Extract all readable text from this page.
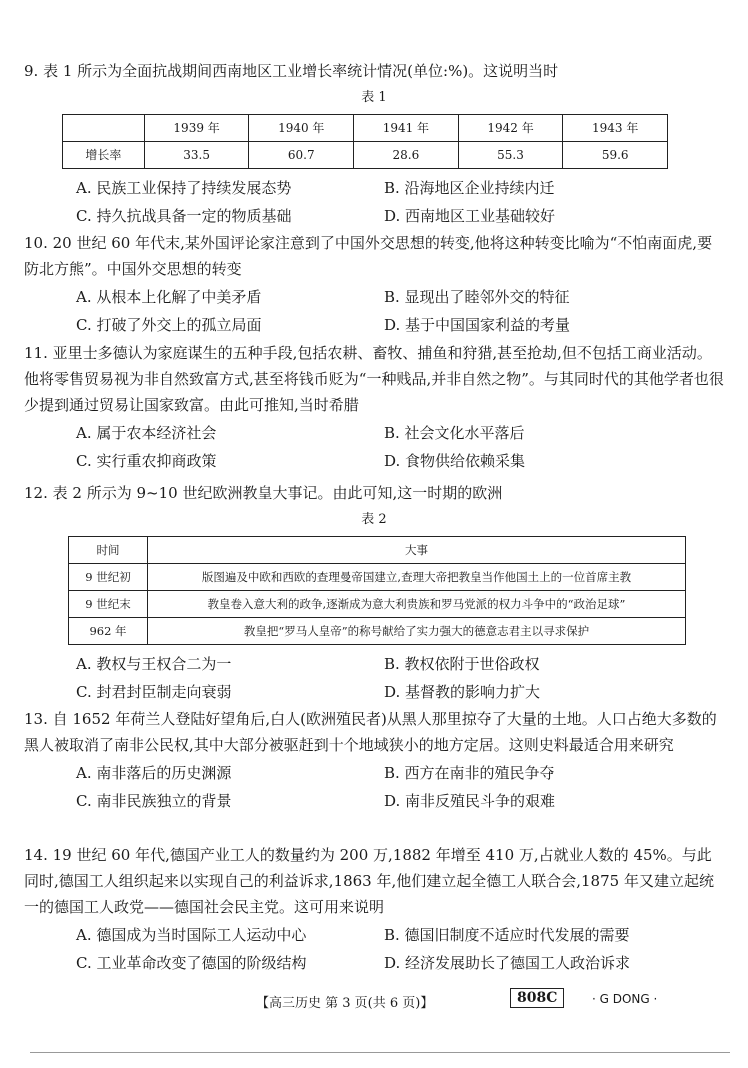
9. 表 1 所示为全面抗战期间西南地区工业增长率统计情况(单位:%)。这说明当时
表 1
	1939 年	1940 年	1941 年	1942 年	1943 年
增长率	33.5	60.7	28.6	55.3	59.6
A. 民族工业保持了持续发展态势	B. 沿海地区企业持续内迁
C. 持久抗战具备一定的物质基础	D. 西南地区工业基础较好
10. 20 世纪 60 年代末,某外国评论家注意到了中国外交思想的转变,他将这种转变比喻为“不怕南面虎,要防北方熊”。中国外交思想的转变
A. 从根本上化解了中美矛盾	B. 显现出了睦邻外交的特征
C. 打破了外交上的孤立局面	D. 基于中国国家利益的考量
11. 亚里士多德认为家庭谋生的五种手段,包括农耕、畜牧、捕鱼和狩猎,甚至抢劫,但不包括工商业活动。他将零售贸易视为非自然致富方式,甚至将钱币贬为“一种贱品,并非自然之物”。与其同时代的其他学者也很少提到通过贸易让国家致富。由此可推知,当时希腊
A. 属于农本经济社会	B. 社会文化水平落后
C. 实行重农抑商政策	D. 食物供给依赖采集
12. 表 2 所示为 9~10 世纪欧洲教皇大事记。由此可知,这一时期的欧洲
表 2
时间	大事
9 世纪初	版图遍及中欧和西欧的查理曼帝国建立,查理大帝把教皇当作他国土上的一位首席主教
9 世纪末	教皇卷入意大利的政争,逐渐成为意大利贵族和罗马党派的权力斗争中的“政治足球”
962 年	教皇把“罗马人皇帝”的称号献给了实力强大的德意志君主以寻求保护
A. 教权与王权合二为一	B. 教权依附于世俗政权
C. 封君封臣制走向衰弱	D. 基督教的影响力扩大
13. 自 1652 年荷兰人登陆好望角后,白人(欧洲殖民者)从黑人那里掠夺了大量的土地。人口占绝大多数的黑人被取消了南非公民权,其中大部分被驱赶到十个地域狭小的地方定居。这则史料最适合用来研究
A. 南非落后的历史渊源	B. 西方在南非的殖民争夺
C. 南非民族独立的背景	D. 南非反殖民斗争的艰难
14. 19 世纪 60 年代,德国产业工人的数量约为 200 万,1882 年增至 410 万,占就业人数的 45%。与此同时,德国工人组织起来以实现自己的利益诉求,1863 年,他们建立起全德工人联合会,1875 年又建立起统一的德国工人政党——德国社会民主党。这可用来说明
A. 德国成为当时国际工人运动中心	B. 德国旧制度不适应时代发展的需要
C. 工业革命改变了德国的阶级结构	D. 经济发展助长了德国工人政治诉求
【高三历史 第 3 页(共 6 页)】	808C	· G DONG ·
